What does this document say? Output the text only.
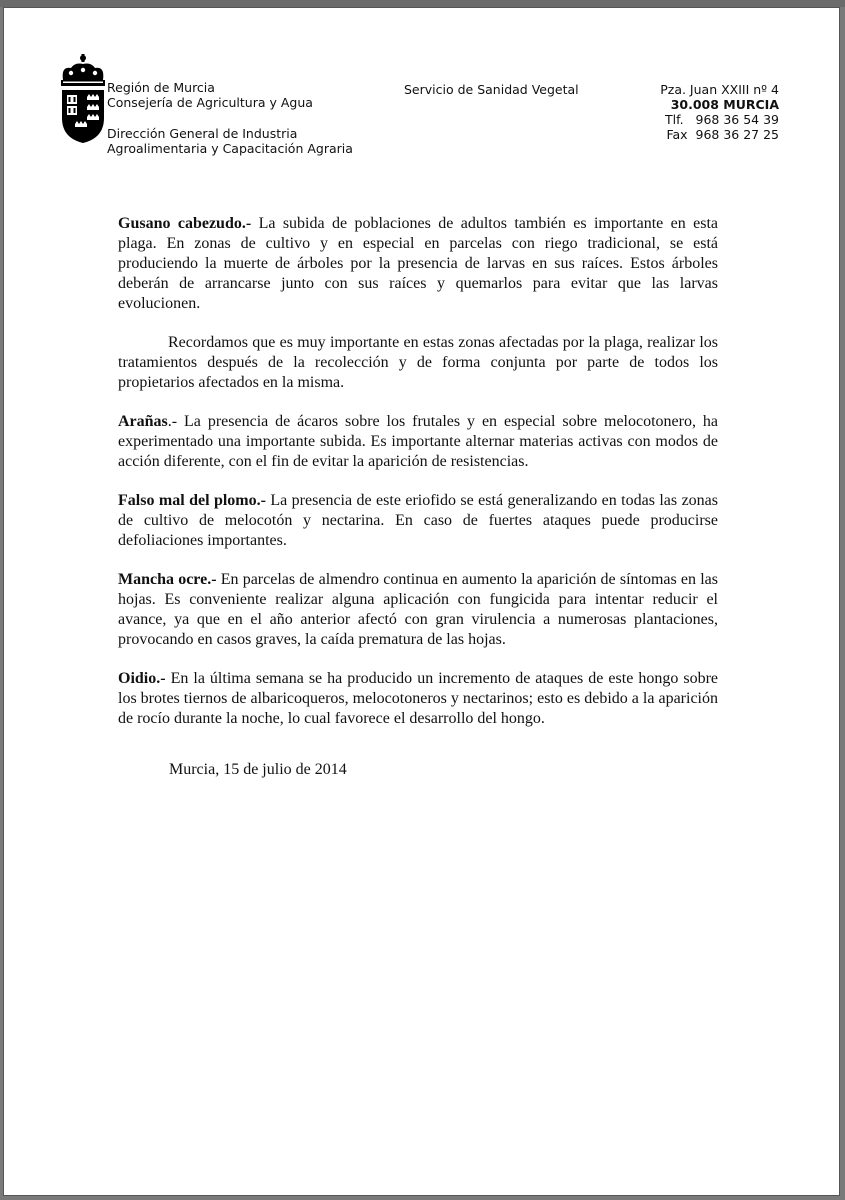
Región de Murcia
Consejería de Agricultura y Agua
Dirección General de Industria
Agroalimentaria y Capacitación Agraria
Servicio de Sanidad Vegetal	Pza. Juan XXIII nº 4
30.008 MURCIA
Tlf.   968 36 54 39
Fax  968 36 27 25

Gusano cabezudo.- La subida de poblaciones de adultos también es importante en esta plaga. En zonas de cultivo y en especial en parcelas con riego tradicional, se está produciendo la muerte de árboles por la presencia de larvas en sus raíces. Estos árboles deberán de arrancarse junto con sus raíces y quemarlos para evitar que las larvas evolucionen.

Recordamos que es muy importante en estas zonas afectadas por la plaga, realizar los tratamientos después de la recolección y de forma conjunta por parte de todos los propietarios afectados en la misma.

Arañas.- La presencia de ácaros sobre los frutales y en especial sobre melocotonero, ha experimentado una importante subida. Es importante alternar materias activas con modos de acción diferente, con el fin de evitar la aparición de resistencias.

Falso mal del plomo.- La presencia de este eriofido se está generalizando en todas las zonas de cultivo de melocotón y nectarina. En caso de fuertes ataques puede producirse defoliaciones importantes.

Mancha ocre.- En parcelas de almendro continua en aumento la aparición de síntomas en las hojas. Es conveniente realizar alguna aplicación con fungicida para intentar reducir el avance, ya que en el año anterior afectó con gran virulencia a numerosas plantaciones, provocando en casos graves, la caída prematura de las hojas.

Oidio.- En la última semana se ha producido un incremento de ataques de este hongo sobre los brotes tiernos de albaricoqueros, melocotoneros y nectarinos; esto es debido a la aparición de rocío durante la noche, lo cual favorece el desarrollo del hongo.

Murcia, 15 de julio de 2014
